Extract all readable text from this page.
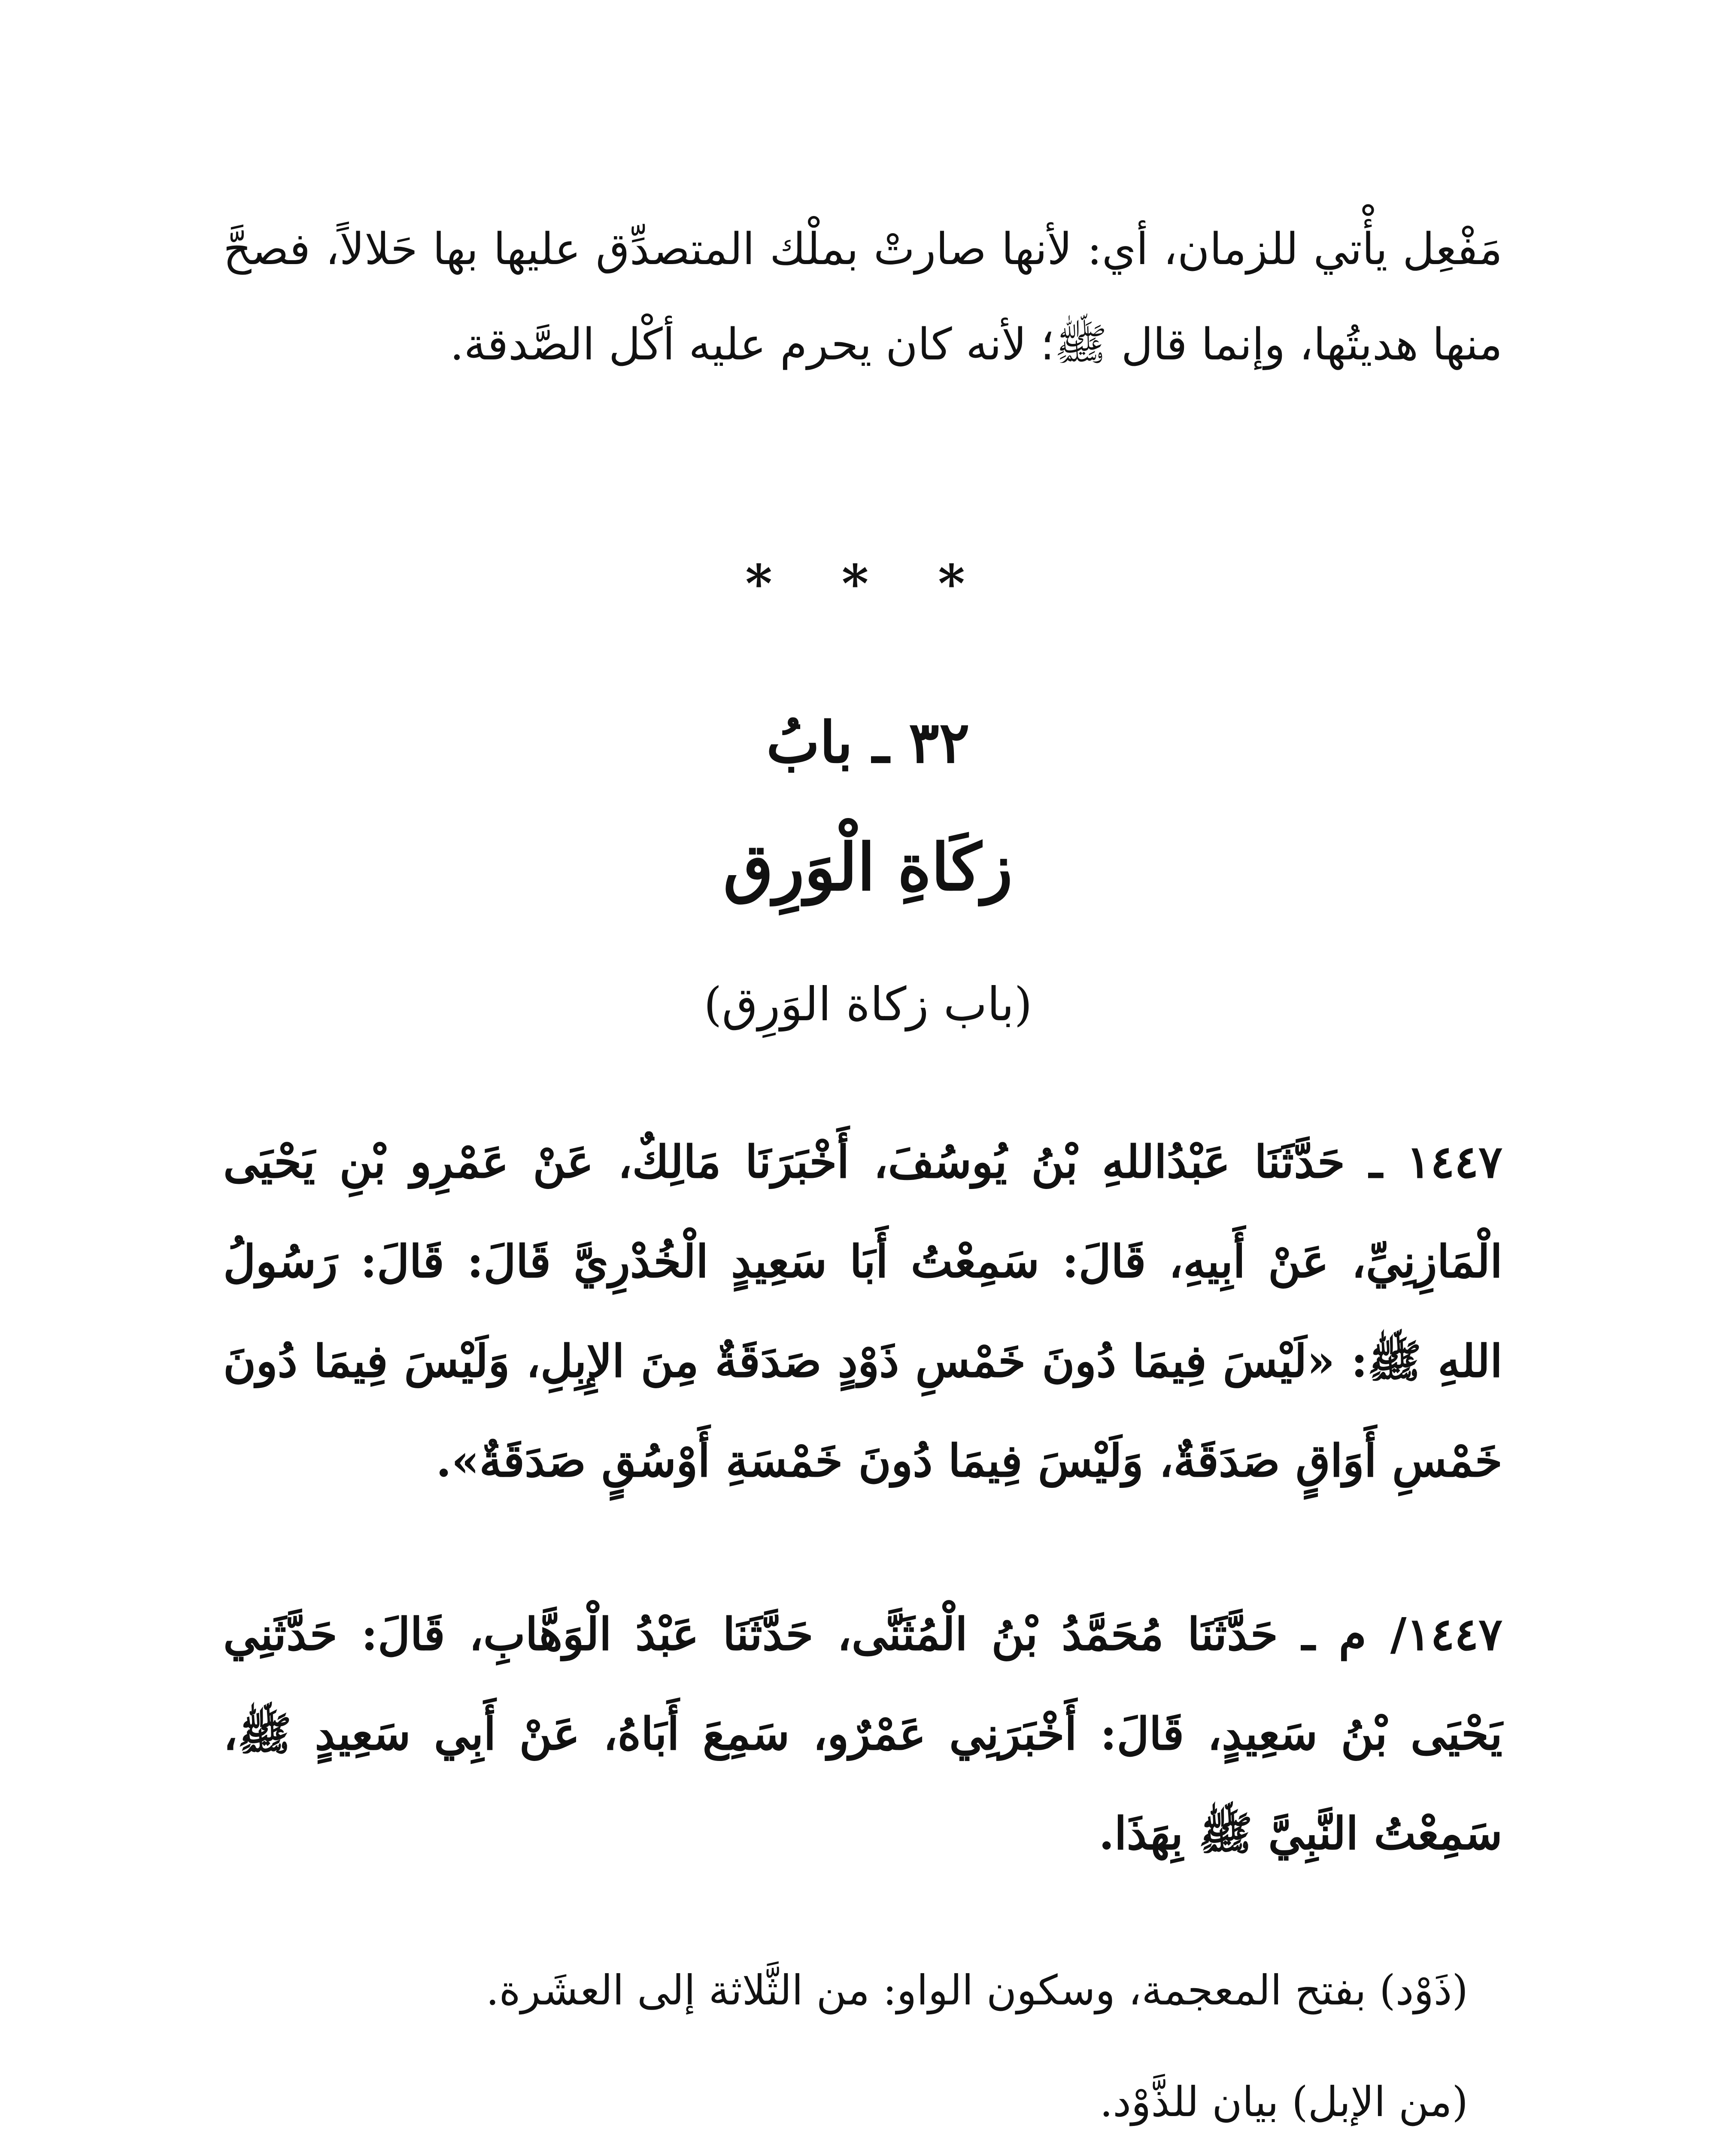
مَفْعِل يأْتي للزمان، أي: لأنها صارتْ بملْك المتصدِّق عليها بها حَلالاً، فصحَّ منها هديتُها، وإنما قال ﷺ؛ لأنه كان يحرم عليه أكْل الصَّدقة.

* * *
٣٢ ـ بابُ
زكَاةِ الْوَرِق
(باب زكاة الوَرِق)

١٤٤٧ ـ حَدَّثَنَا عَبْدُاللهِ بْنُ يُوسُفَ، أَخْبَرَنَا مَالِكٌ، عَنْ عَمْرِو بْنِ يَحْيَى الْمَازِنِيِّ، عَنْ أَبِيهِ، قَالَ: سَمِعْتُ أَبَا سَعِيدٍ الْخُدْرِيَّ قَالَ: قَالَ: رَسُولُ اللهِ ﷺ: «لَيْسَ فِيمَا دُونَ خَمْسِ ذَوْدٍ صَدَقَةٌ مِنَ الإِبِلِ، وَلَيْسَ فِيمَا دُونَ خَمْسِ أَوَاقٍ صَدَقَةٌ، وَلَيْسَ فِيمَا دُونَ خَمْسَةِ أَوْسُقٍ صَدَقَةٌ».

١٤٤٧/ م ـ حَدَّثَنَا مُحَمَّدُ بْنُ الْمُثَنَّى، حَدَّثَنَا عَبْدُ الْوَهَّابِ، قَالَ: حَدَّثَنِي يَحْيَى بْنُ سَعِيدٍ، قَالَ: أَخْبَرَنِي عَمْرٌو، سَمِعَ أَبَاهُ، عَنْ أَبِي سَعِيدٍ ﷺ، سَمِعْتُ النَّبِيَّ ﷺ بِهَذَا.

(ذَوْد) بفتح المعجمة، وسكون الواو: من الثَّلاثة إلى العشَرة.
(من الإبل) بيان للذَّوْد.
